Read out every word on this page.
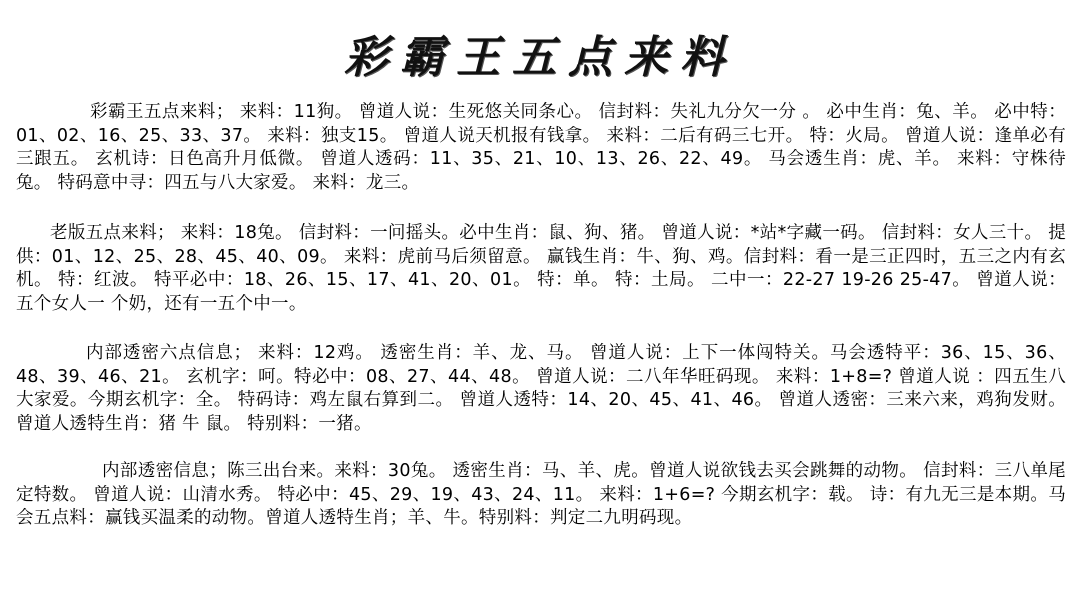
彩霸王五点来料
彩霸王五点来料； 来料：11狗。 曾道人说：生死悠关同条心。 信封料：失礼九分欠一分 。 必中生肖：兔、羊。 必中特：01、02、16、25、33、37。 来料：独支15。 曾道人说天机报有钱拿。 来料：二后有码三七开。 特：火局。 曾道人说：逢单必有三跟五。 玄机诗：日色高升月低微。 曾道人透码：11、35、21、10、13、26、22、49。 马会透生肖：虎、羊。 来料：守株待兔。 特码意中寻：四五与八大家爱。 来料：龙三。
老版五点来料； 来料：18兔。 信封料：一问摇头。必中生肖：鼠、狗、猪。 曾道人说：*站*字藏一码。 信封料：女人三十。 提供：01、12、25、28、45、40、09。 来料：虎前马后须留意。 赢钱生肖：牛、狗、鸡。信封料：看一是三正四时，五三之内有玄机。 特：红波。 特平必中：18、26、15、17、41、20、01。 特：单。 特：土局。 二中一：22-27 19-26 25-47。 曾道人说：五个女人一 个奶，还有一五个中一。
内部透密六点信息； 来料：12鸡。 透密生肖：羊、龙、马。 曾道人说：上下一体闯特关。马会透特平：36、15、36、48、39、46、21。 玄机字：呵。特必中：08、27、44、48。 曾道人说：二八年华旺码现。 来料：1+8=? 曾道人说 ：四五生八大家爱。今期玄机字：全。 特码诗：鸡左鼠右算到二。 曾道人透特：14、20、45、41、46。 曾道人透密：三来六来，鸡狗发财。 曾道人透特生肖：猪 牛 鼠。 特别料：一猪。
内部透密信息；陈三出台来。来料：30兔。 透密生肖：马、羊、虎。曾道人说欲钱去买会跳舞的动物。 信封料：三八单尾定特数。 曾道人说：山清水秀。 特必中：45、29、19、43、24、11。 来料：1+6=? 今期玄机字：载。 诗：有九无三是本期。马会五点料：赢钱买温柔的动物。曾道人透特生肖；羊、牛。特别料：判定二九明码现。
